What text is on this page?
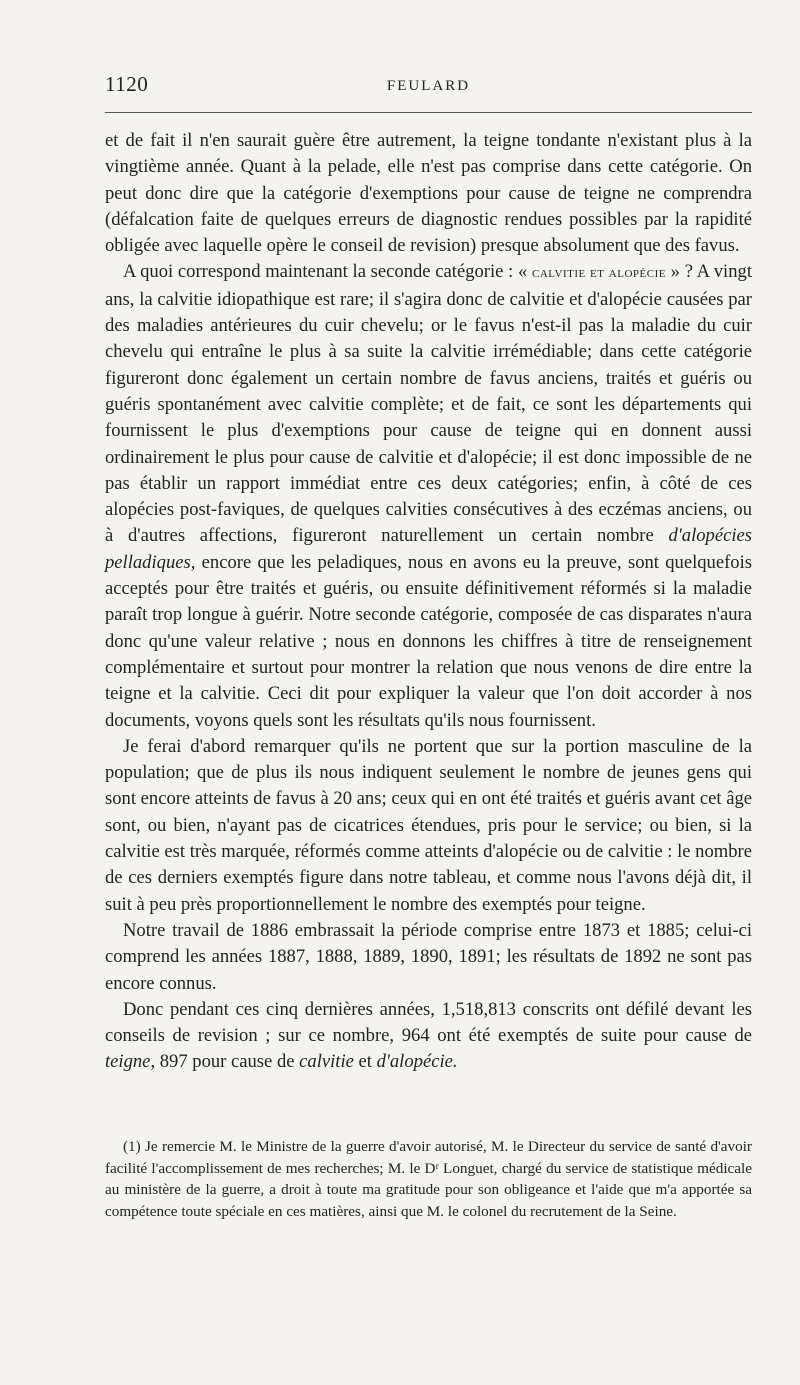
1120	FEULARD

et de fait il n'en saurait guère être autrement, la teigne tondante n'existant plus à la vingtième année. Quant à la pelade, elle n'est pas comprise dans cette catégorie. On peut donc dire que la catégorie d'exemptions pour cause de teigne ne comprendra (défalcation faite de quelques erreurs de diagnostic rendues possibles par la rapidité obligée avec laquelle opère le conseil de revision) presque absolument que des favus.

A quoi correspond maintenant la seconde catégorie : « calvitie et alopécie » ? A vingt ans, la calvitie idiopathique est rare; il s'agira donc de calvitie et d'alopécie causées par des maladies antérieures du cuir chevelu; or le favus n'est-il pas la maladie du cuir chevelu qui entraîne le plus à sa suite la calvitie irrémédiable; dans cette catégorie figureront donc également un certain nombre de favus anciens, traités et guéris ou guéris spontanément avec calvitie complète; et de fait, ce sont les départements qui fournissent le plus d'exemptions pour cause de teigne qui en donnent aussi ordinairement le plus pour cause de calvitie et d'alopécie; il est donc impossible de ne pas établir un rapport immédiat entre ces deux catégories; enfin, à côté de ces alopécies post-faviques, de quelques calvities consécutives à des eczémas anciens, ou à d'autres affections, figureront naturellement un certain nombre d'alopécies pelladiques, encore que les peladiques, nous en avons eu la preuve, sont quelquefois acceptés pour être traités et guéris, ou ensuite définitivement réformés si la maladie paraît trop longue à guérir. Notre seconde catégorie, composée de cas disparates n'aura donc qu'une valeur relative ; nous en donnons les chiffres à titre de renseignement complémentaire et surtout pour montrer la relation que nous venons de dire entre la teigne et la calvitie. Ceci dit pour expliquer la valeur que l'on doit accorder à nos documents, voyons quels sont les résultats qu'ils nous fournissent.

Je ferai d'abord remarquer qu'ils ne portent que sur la portion masculine de la population; que de plus ils nous indiquent seulement le nombre de jeunes gens qui sont encore atteints de favus à 20 ans; ceux qui en ont été traités et guéris avant cet âge sont, ou bien, n'ayant pas de cicatrices étendues, pris pour le service; ou bien, si la calvitie est très marquée, réformés comme atteints d'alopécie ou de calvitie : le nombre de ces derniers exemptés figure dans notre tableau, et comme nous l'avons déjà dit, il suit à peu près proportionnellement le nombre des exemptés pour teigne.

Notre travail de 1886 embrassait la période comprise entre 1873 et 1885; celui-ci comprend les années 1887, 1888, 1889, 1890, 1891; les résultats de 1892 ne sont pas encore connus.

Donc pendant ces cinq dernières années, 1,518,813 conscrits ont défilé devant les conseils de revision ; sur ce nombre, 964 ont été exemptés de suite pour cause de teigne, 897 pour cause de calvitie et d'alopécie.

(1) Je remercie M. le Ministre de la guerre d'avoir autorisé, M. le Directeur du service de santé d'avoir facilité l'accomplissement de mes recherches; M. le Dʳ Longuet, chargé du service de statistique médicale au ministère de la guerre, a droit à toute ma gratitude pour son obligeance et l'aide que m'a apportée sa compétence toute spéciale en ces matières, ainsi que M. le colonel du recrutement de la Seine.
